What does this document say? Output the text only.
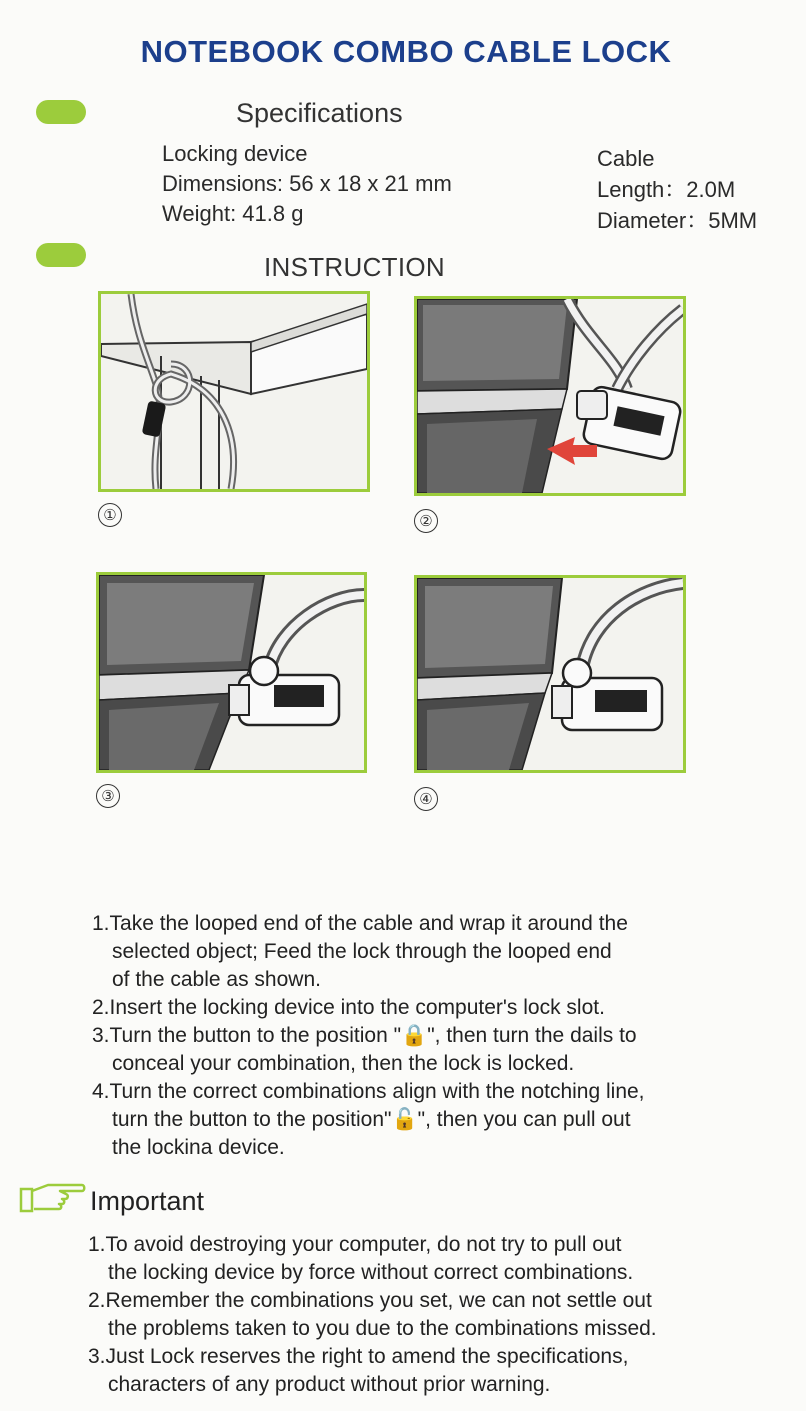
NOTEBOOK COMBO CABLE LOCK
Specifications
Locking device
Dimensions: 56 x 18 x 21 mm
Weight: 41.8 g
Cable
Length：2.0M
Diameter：5MM
INSTRUCTION
①	②
③	④
1.Take the looped end of the cable and wrap it around the
selected object; Feed the lock through the looped end
of the cable as shown.
2.Insert the locking device into the computer's lock slot.
3.Turn the button to the position "🔒", then turn the dails to
conceal your combination, then the lock is locked.
4.Turn the correct combinations align with the notching line,
turn the button to the position"🔓", then you can pull out
the lockina device.
Important
1.To avoid destroying your computer, do not try to pull out
the locking device by force without correct combinations.
2.Remember the combinations you set, we can not settle out
the problems taken to you due to the combinations missed.
3.Just Lock reserves the right to amend the specifications,
characters of any product without prior warning.
